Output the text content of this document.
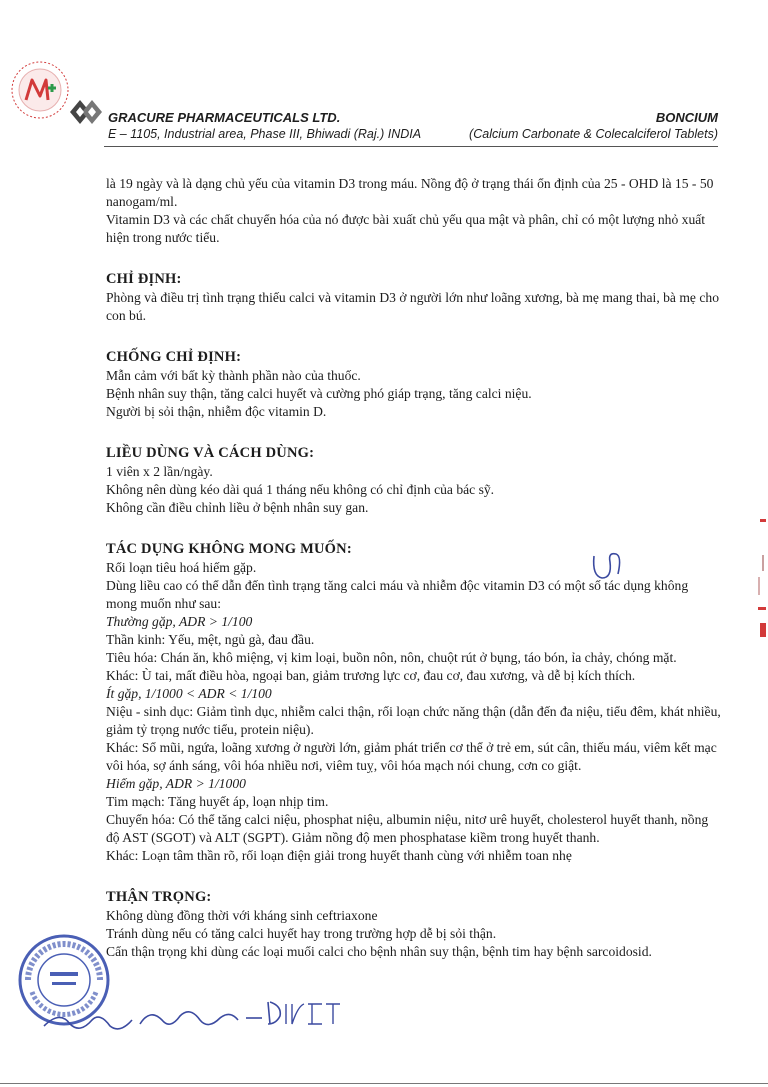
GRACURE PHARMACEUTICALS LTD.
E – 1105, Industrial area, Phase III, Bhiwadi (Raj.) INDIA
BONCIUM
(Calcium Carbonate & Colecalciferol Tablets)

là 19 ngày và là dạng chủ yếu của vitamin D3 trong máu. Nồng độ ở trạng thái ổn định của 25 - OHD là 15 - 50 nanogam/ml.

Vitamin D3 và các chất chuyển hóa của nó được bài xuất chủ yếu qua mật và phân, chỉ có một lượng nhỏ xuất hiện trong nước tiểu.

CHỈ ĐỊNH:

Phòng và điều trị tình trạng thiếu calci và vitamin D3 ở người lớn như loãng xương, bà mẹ mang thai, bà mẹ cho con bú.

CHỐNG CHỈ ĐỊNH:

Mẫn cảm với bất kỳ thành phần nào của thuốc.

Bệnh nhân suy thận, tăng calci huyết và cường phó giáp trạng, tăng calci niệu.

Người bị sỏi thận, nhiễm độc vitamin D.

LIỀU DÙNG VÀ CÁCH DÙNG:

1 viên x 2 lần/ngày.

Không nên dùng kéo dài quá 1 tháng nếu không có chỉ định của bác sỹ.

Không cần điều chỉnh liều ở bệnh nhân suy gan.

TÁC DỤNG KHÔNG MONG MUỐN:

Rối loạn tiêu hoá hiếm gặp.

Dùng liều cao có thể dẫn đến tình trạng tăng calci máu và nhiễm độc vitamin D3 có một số tác dụng không mong muốn như sau:

Thường gặp, ADR > 1/100

Thần kinh: Yếu, mệt, ngủ gà, đau đầu.

Tiêu hóa: Chán ăn, khô miệng, vị kim loại, buồn nôn, nôn, chuột rút ở bụng, táo bón, ỉa chảy, chóng mặt.

Khác: Ù tai, mất điều hòa, ngoại ban, giảm trương lực cơ, đau cơ, đau xương, và dễ bị kích thích.

Ít gặp, 1/1000 < ADR < 1/100

Niệu - sinh dục: Giảm tình dục, nhiễm calci thận, rối loạn chức năng thận (dẫn đến đa niệu, tiểu đêm, khát nhiều, giảm tỷ trọng nước tiểu, protein niệu).

Khác: Sổ mũi, ngứa, loãng xương ở người lớn, giảm phát triển cơ thể ở trẻ em, sút cân, thiếu máu, viêm kết mạc vôi hóa, sợ ánh sáng, vôi hóa nhiều nơi, viêm tuỵ, vôi hóa mạch nói chung, cơn co giật.

Hiếm gặp, ADR > 1/1000

Tim mạch: Tăng huyết áp, loạn nhịp tim.

Chuyển hóa: Có thể tăng calci niệu, phosphat niệu, albumin niệu, nitơ urê huyết, cholesterol huyết thanh, nồng độ AST (SGOT) và ALT (SGPT). Giảm nồng độ men phosphatase kiềm trong huyết thanh.

Khác: Loạn tâm thần rõ, rối loạn điện giải trong huyết thanh cùng với nhiễm toan nhẹ

THẬN TRỌNG:

Không dùng đồng thời với kháng sinh ceftriaxone

Tránh dùng nếu có tăng calci huyết hay trong trường hợp dễ bị sỏi thận.

Cẩn thận trọng khi dùng các loại muối calci cho bệnh nhân suy thận, bệnh tim hay bệnh sarcoidosid.
